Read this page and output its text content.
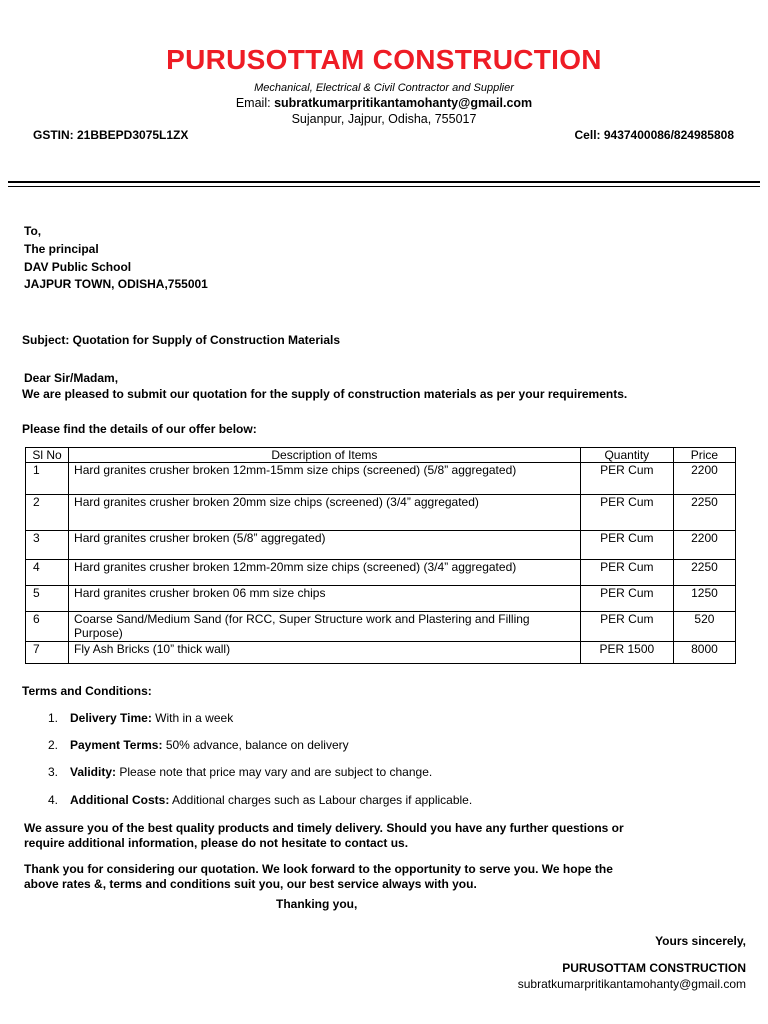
PURUSOTTAM CONSTRUCTION
Mechanical, Electrical & Civil Contractor and Supplier
Email: subratkumarpritikantamohanty@gmail.com
Sujanpur, Jajpur, Odisha, 755017
GSTIN: 21BBEPD3075L1ZX	Cell: 9437400086/824985808
To,
The principal
DAV Public School
JAJPUR TOWN, ODISHA,755001
Subject: Quotation for Supply of Construction Materials
Dear Sir/Madam,
We are pleased to submit our quotation for the supply of construction materials as per your requirements.
Please find the details of our offer below:
Sl No	Description of Items	Quantity	Price
1	Hard granites crusher broken 12mm-15mm size chips (screened) (5/8” aggregated)	PER Cum	2200
2	Hard granites crusher broken 20mm size chips (screened) (3/4” aggregated)	PER Cum	2250
3	Hard granites crusher broken (5/8” aggregated)	PER Cum	2200
4	Hard granites crusher broken 12mm-20mm size chips (screened) (3/4” aggregated)	PER Cum	2250
5	Hard granites crusher broken 06 mm size chips	PER Cum	1250
6	Coarse Sand/Medium Sand (for RCC, Super Structure work and Plastering and Filling Purpose)	PER Cum	520
7	Fly Ash Bricks (10” thick wall)	PER 1500	8000
Terms and Conditions:
1. Delivery Time: With in a week
2. Payment Terms: 50% advance, balance on delivery
3. Validity: Please note that price may vary and are subject to change.
4. Additional Costs: Additional charges such as Labour charges if applicable.
We assure you of the best quality products and timely delivery. Should you have any further questions or
require additional information, please do not hesitate to contact us.
Thank you for considering our quotation. We look forward to the opportunity to serve you. We hope the
above rates &, terms and conditions suit you, our best service always with you.
Thanking you,
Yours sincerely,
PURUSOTTAM CONSTRUCTION
subratkumarpritikantamohanty@gmail.com
